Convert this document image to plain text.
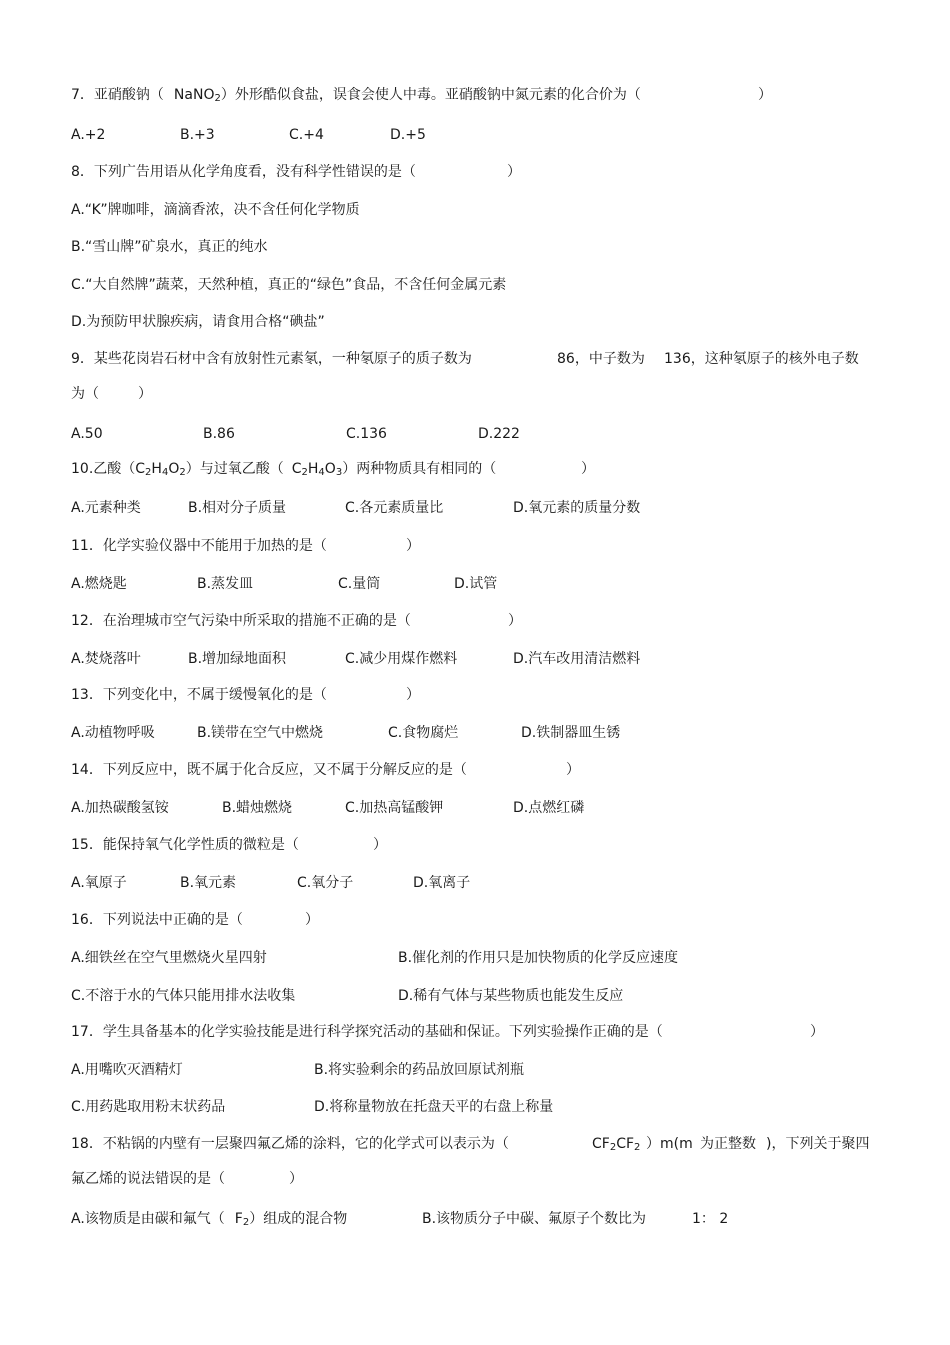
7．亚硝酸钠（ NaNO$_2$）外形酷似食盐，误食会使人中毒。亚硝酸钠中氮元素的化合价为（	）
A.+2	B.+3	C.+4	D.+5
8．下列广告用语从化学角度看，没有科学性错误的是（	）
A.“K”牌咖啡，滴滴香浓，决不含任何化学物质
B.“雪山牌”矿泉水，真正的纯水
C.“大自然牌”蔬菜，天然种植，真正的“绿色”食品，不含任何金属元素
D.为预防甲状腺疾病，请食用合格“碘盐”
9．某些花岗岩石材中含有放射性元素氡，一种氡原子的质子数为	86，中子数为 136，这种氡原子的核外电子数
为（	）
A.50	B.86	C.136	D.222
10.乙酸$(C_2H_4O_2)$与过氧乙酸（ $C_2H_4O_3$）两种物质具有相同的（	）
A.元素种类	B.相对分子质量	C.各元素质量比	D.氧元素的质量分数
11．化学实验仪器中不能用于加热的是（	）
A.燃烧匙	B.蒸发皿	C.量筒	D.试管
12．在治理城市空气污染中所采取的措施不正确的是（	）
A.焚烧落叶	B.增加绿地面积	C.减少用煤作燃料	D.汽车改用清洁燃料
13．下列变化中，不属于缓慢氧化的是（	）
A.动植物呼吸	B.镁带在空气中燃烧	C.食物腐烂	D.铁制器皿生锈
14．下列反应中，既不属于化合反应，又不属于分解反应的是（	）
A.加热碳酸氢铵	B.蜡烛燃烧	C.加热高锰酸钾	D.点燃红磷
15．能保持氧气化学性质的微粒是（	）
A.氧原子	B.氧元素	C.氧分子	D.氧离子
16．下列说法中正确的是（	）
A.细铁丝在空气里燃烧火星四射	B.催化剂的作用只是加快物质的化学反应速度
C.不溶于水的气体只能用排水法收集	D.稀有气体与某些物质也能发生反应
17．学生具备基本的化学实验技能是进行科学探究活动的基础和保证。下列实验操作正确的是（	）
A.用嘴吹灭酒精灯	B.将实验剩余的药品放回原试剂瓶
C.用药匙取用粉末状药品	D.将称量物放在托盘天平的右盘上称量
18．不粘锅的内壁有一层聚四氟乙烯的涂料，它的化学式可以表示为（	$CF_2CF_2$ ）m(m 为正整数 )，下列关于聚四
氟乙烯的说法错误的是（	）
A.该物质是由碳和氟气（ $F_2$）组成的混合物	B.该物质分子中碳、氟原子个数比为	1： 2
